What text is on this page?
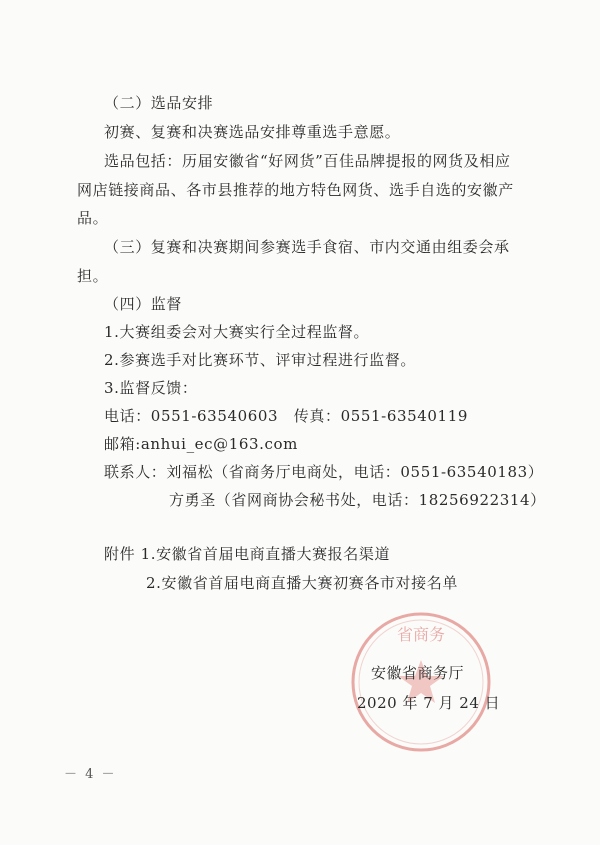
（二）选品安排
初赛、复赛和决赛选品安排尊重选手意愿。
选品包括：历届安徽省“好网货”百佳品牌提报的网货及相应
网店链接商品、各市县推荐的地方特色网货、选手自选的安徽产
品。
（三）复赛和决赛期间参赛选手食宿、市内交通由组委会承
担。
（四）监督
1.大赛组委会对大赛实行全过程监督。
2.参赛选手对比赛环节、评审过程进行监督。
3.监督反馈：
电话：0551-63540603　传真：0551-63540119
邮箱:anhui_ec@163.com
联系人：刘福松（省商务厅电商处，电话：0551-63540183）
方勇圣（省网商协会秘书处，电话：18256922314）
附件 1.安徽省首届电商直播大赛报名渠道
2.安徽省首届电商直播大赛初赛各市对接名单
省商务
安徽省商务厅
2020 年 7 月 24 日
－ 4 －
